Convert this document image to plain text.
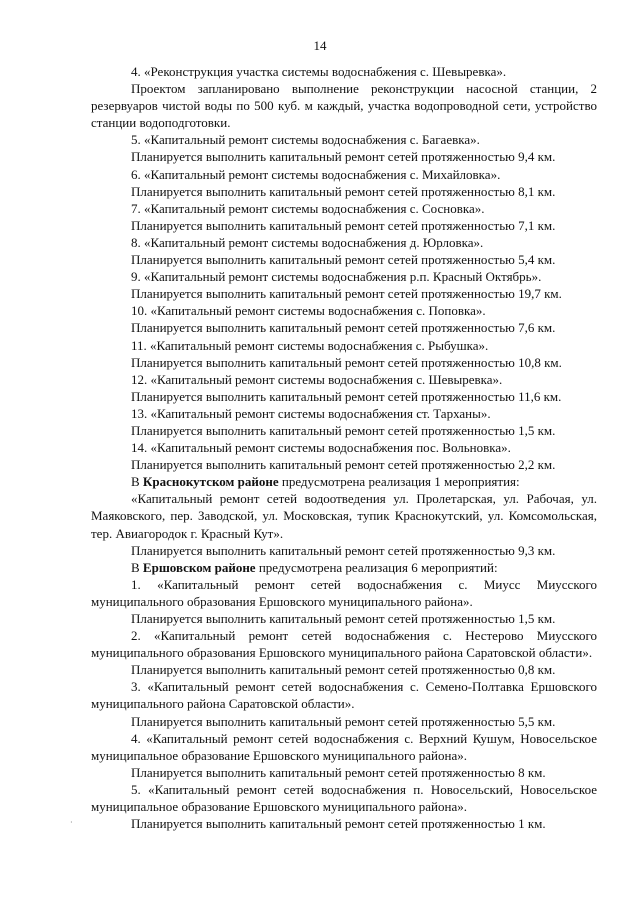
14

4. «Реконструкция участка системы водоснабжения с. Шевыревка».

Проектом запланировано выполнение реконструкции насосной станции, 2 резервуаров чистой воды по 500 куб. м каждый, участка водопроводной сети, устройство станции водоподготовки.

5. «Капитальный ремонт системы водоснабжения с. Багаевка».

Планируется выполнить капитальный ремонт сетей протяженностью 9,4 км.

6. «Капитальный ремонт системы водоснабжения с. Михайловка».

Планируется выполнить капитальный ремонт сетей протяженностью 8,1 км.

7. «Капитальный ремонт системы водоснабжения с. Сосновка».

Планируется выполнить капитальный ремонт сетей протяженностью 7,1 км.

8. «Капитальный ремонт системы водоснабжения д. Юрловка».

Планируется выполнить капитальный ремонт сетей протяженностью 5,4 км.

9. «Капитальный ремонт системы водоснабжения р.п. Красный Октябрь».

Планируется выполнить капитальный ремонт сетей протяженностью 19,7 км.

10. «Капитальный ремонт системы водоснабжения с. Поповка».

Планируется выполнить капитальный ремонт сетей протяженностью 7,6 км.

11. «Капитальный ремонт системы водоснабжения с. Рыбушка».

Планируется выполнить капитальный ремонт сетей протяженностью 10,8 км.

12. «Капитальный ремонт системы водоснабжения с. Шевыревка».

Планируется выполнить капитальный ремонт сетей протяженностью 11,6 км.

13. «Капитальный ремонт системы водоснабжения ст. Тарханы».

Планируется выполнить капитальный ремонт сетей протяженностью 1,5 км.

14. «Капитальный ремонт системы водоснабжения пос. Вольновка».

Планируется выполнить капитальный ремонт сетей протяженностью 2,2 км.

В Краснокутском районе предусмотрена реализация 1 мероприятия:

«Капитальный ремонт сетей водоотведения ул. Пролетарская, ул. Рабочая, ул. Маяковского, пер. Заводской, ул. Московская, тупик Краснокутский, ул. Комсомольская, тер. Авиагородок г. Красный Кут».

Планируется выполнить капитальный ремонт сетей протяженностью 9,3 км.

В Ершовском районе предусмотрена реализация 6 мероприятий:

1. «Капитальный ремонт сетей водоснабжения с. Миусс Миусского муниципального образования Ершовского муниципального района».

Планируется выполнить капитальный ремонт сетей протяженностью 1,5 км.

2. «Капитальный ремонт сетей водоснабжения с. Нестерово Миусского муниципального образования Ершовского муниципального района Саратовской области».

Планируется выполнить капитальный ремонт сетей протяженностью 0,8 км.

3. «Капитальный ремонт сетей водоснабжения с. Семено-Полтавка Ершовского муниципального района Саратовской области».

Планируется выполнить капитальный ремонт сетей протяженностью 5,5 км.

4. «Капитальный ремонт сетей водоснабжения с. Верхний Кушум, Новосельское муниципальное образование Ершовского муниципального района».

Планируется выполнить капитальный ремонт сетей протяженностью 8 км.

5. «Капитальный ремонт сетей водоснабжения п. Новосельский, Новосельское муниципальное образование Ершовского муниципального района».

Планируется выполнить капитальный ремонт сетей протяженностью 1 км.

·
